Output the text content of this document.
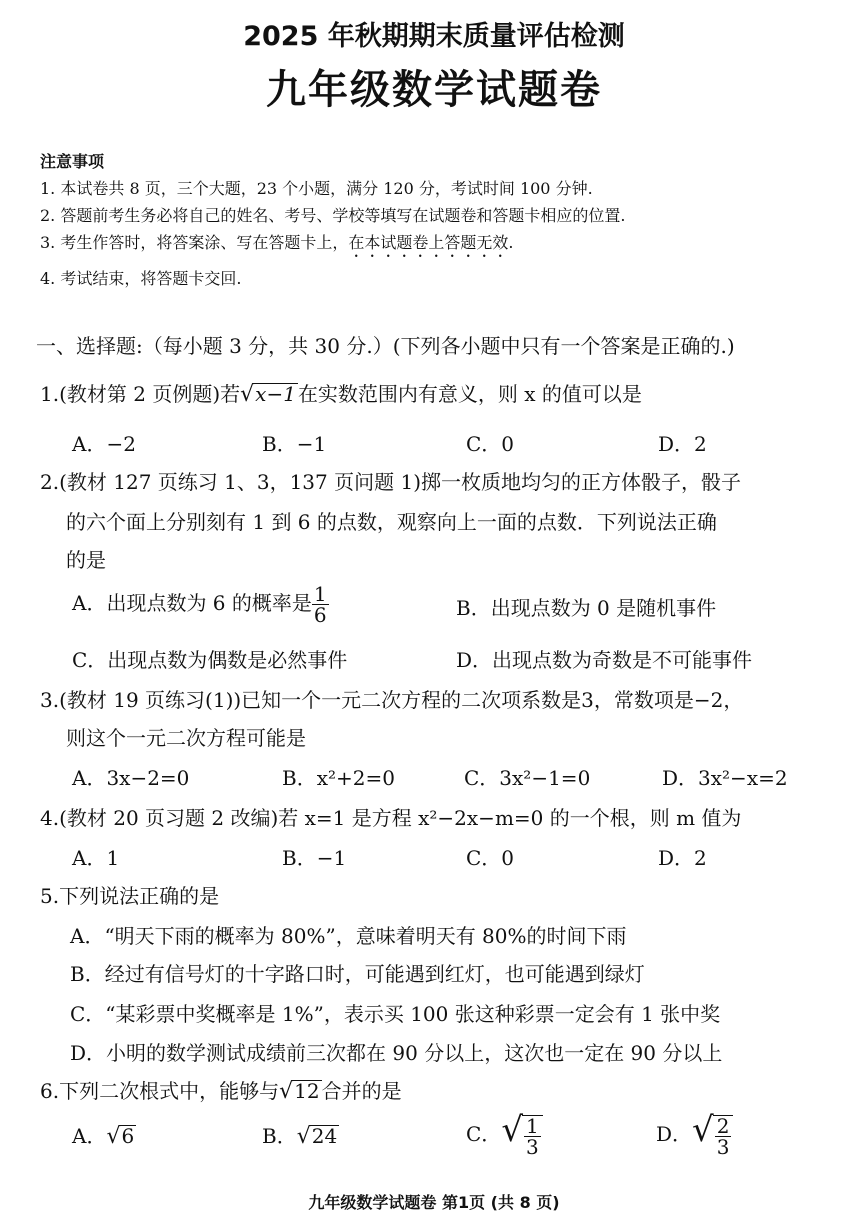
2025 年秋期期末质量评估检测
九年级数学试题卷
注意事项
1. 本试卷共 8 页，三个大题，23 个小题，满分 120 分，考试时间 100 分钟.
2. 答题前考生务必将自己的姓名、考号、学校等填写在试题卷和答题卡相应的位置.
3. 考生作答时，将答案涂、写在答题卡上，在本试题卷上答题无效.
4. 考试结束，将答题卡交回.
一、选择题:（每小题 3 分，共 30 分.）(下列各小题中只有一个答案是正确的.)
1.(教材第 2 页例题)若√x−1 在实数范围内有意义，则 x 的值可以是
A．−2	B．−1	C．0	D．2
2.(教材 127 页练习 1、3，137 页问题 1)掷一枚质地均匀的正方体骰子，骰子
的六个面上分别刻有 1 到 6 的点数，观察向上一面的点数．下列说法正确
的是
A．出现点数为 6 的概率是 $\frac{1}{6}$	B．出现点数为 0 是随机事件
C．出现点数为偶数是必然事件	D．出现点数为奇数是不可能事件
3.(教材 19 页练习(1))已知一个一元二次方程的二次项系数是3，常数项是−2，
则这个一元二次方程可能是
A．3x−2=0	B．x²+2=0	C．3x²−1=0	D．3x²−x=2
4.(教材 20 页习题 2 改编)若 x=1 是方程 x²−2x−m=0 的一个根，则 m 值为
A．1	B．−1	C．0	D．2
5.下列说法正确的是
A．“明天下雨的概率为 80%”，意味着明天有 80%的时间下雨
B．经过有信号灯的十字路口时，可能遇到红灯，也可能遇到绿灯
C．“某彩票中奖概率是 1%”，表示买 100 张这种彩票一定会有 1 张中奖
D．小明的数学测试成绩前三次都在 90 分以上，这次也一定在 90 分以上
6.下列二次根式中，能够与√12 合并的是
A．√6	B．√24	C．√ $\frac{1}{3}$	D．√ $\frac{2}{3}$
九年级数学试题卷 第1页 (共 8 页)
